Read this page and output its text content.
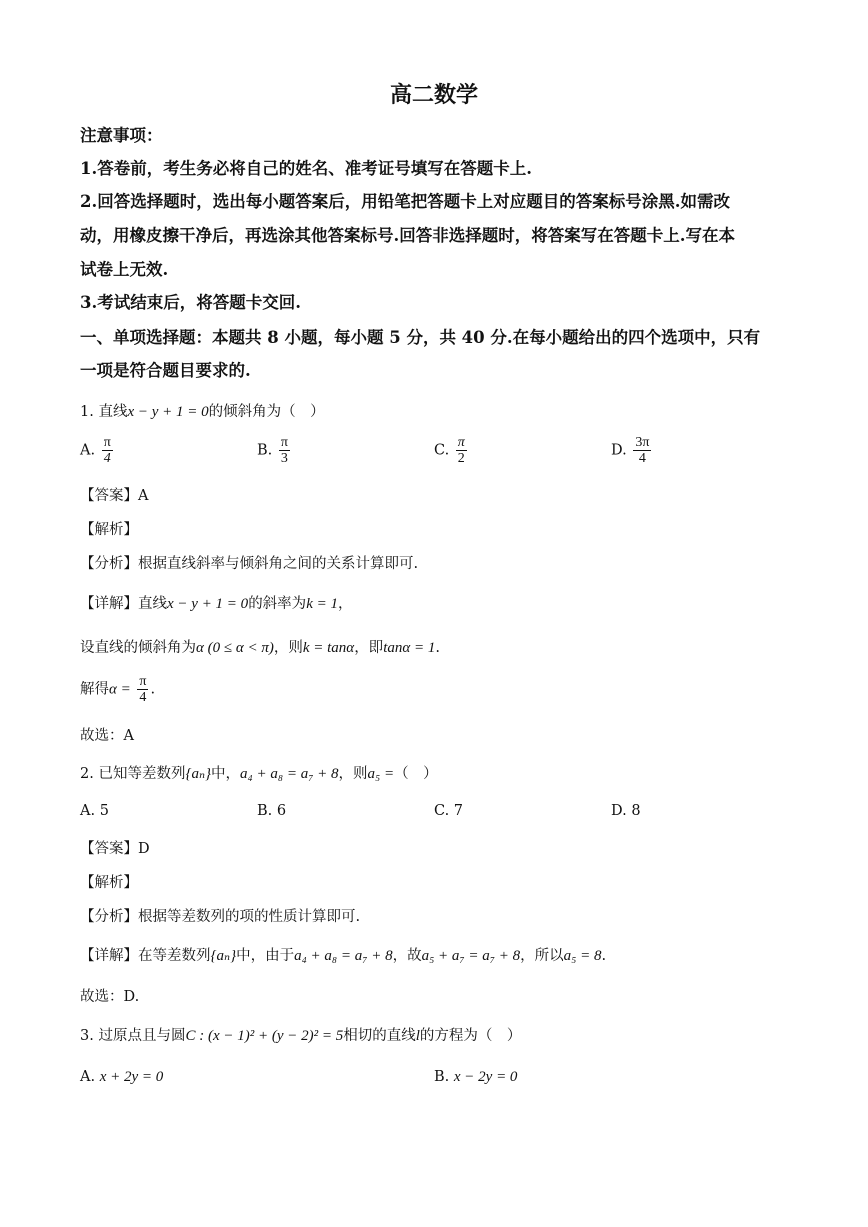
高二数学
注意事项：
1.答卷前，考生务必将自己的姓名、准考证号填写在答题卡上.
2.回答选择题时，选出每小题答案后，用铅笔把答题卡上对应题目的答案标号涂黑.如需改
动，用橡皮擦干净后，再选涂其他答案标号.回答非选择题时，将答案写在答题卡上.写在本
试卷上无效.
3.考试结束后，将答题卡交回.
一、单项选择题：本题共 8 小题，每小题 5 分，共 40 分.在每小题给出的四个选项中，只有
一项是符合题目要求的.
1. 直线x − y + 1 = 0的倾斜角为（　）
A. $\frac{\pi}{4}$	B. $\frac{\pi}{3}$	C. $\frac{\pi}{2}$	D. $\frac{3\pi}{4}$
【答案】A
【解析】
【分析】根据直线斜率与倾斜角之间的关系计算即可.
【详解】直线x − y + 1 = 0的斜率为k = 1，
设直线的倾斜角为α (0 ≤ α < π)，则k = tanα，即tanα = 1.
解得$\alpha = \frac{\pi}{4}$ .
故选：A
2. 已知等差数列{aₙ}中，a₄ + a₈ = a₇ + 8，则a₅ =（　）
A. 5	B. 6	C. 7	D. 8
【答案】D
【解析】
【分析】根据等差数列的项的性质计算即可.
【详解】在等差数列{aₙ}中，由于a₄ + a₈ = a₇ + 8，故a₅ + a₇ = a₇ + 8，所以a₅ = 8.
故选：D.
3. 过原点且与圆C : (x − 1)² + (y − 2)² = 5相切的直线l的方程为（　）
A. x + 2y = 0	B. x − 2y = 0
